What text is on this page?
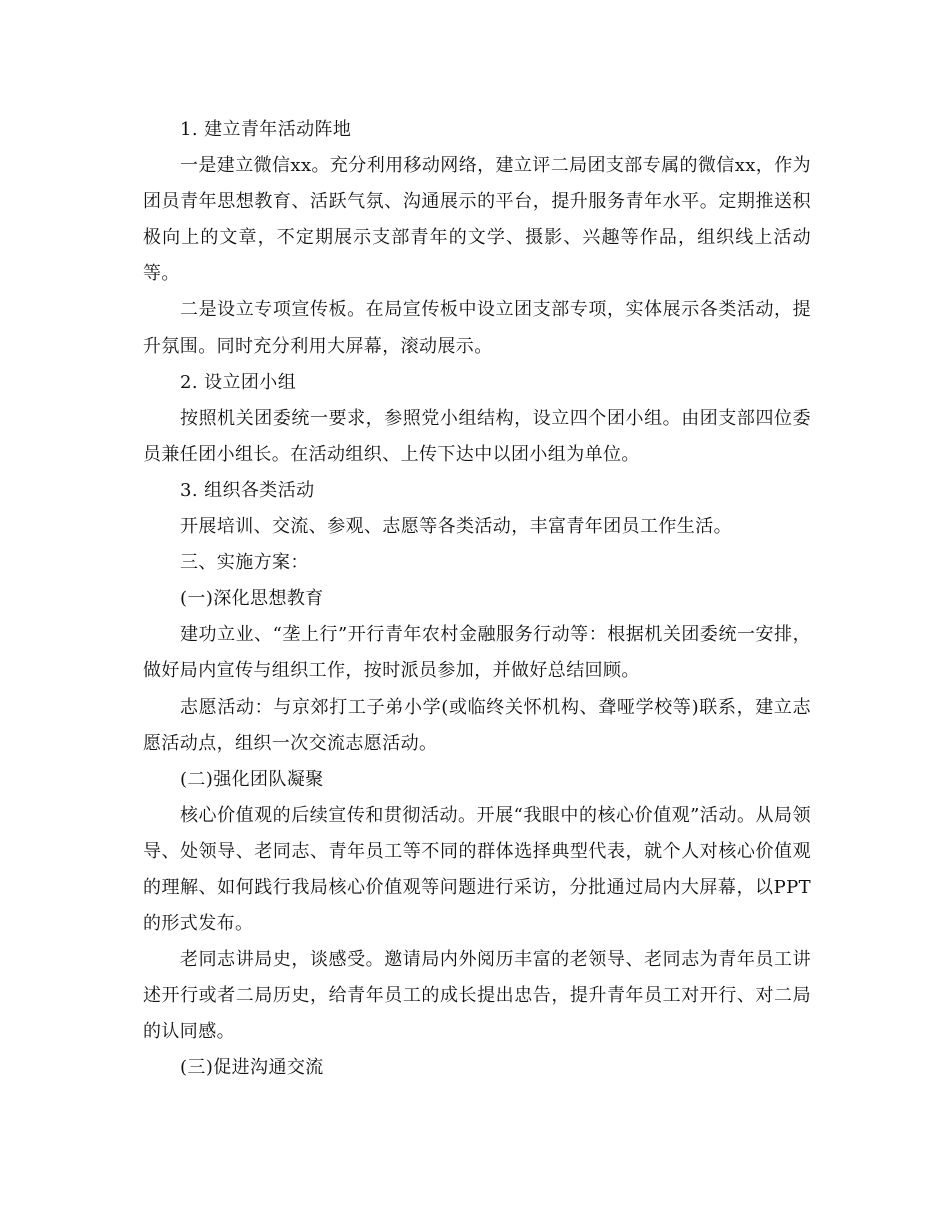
1. 建立青年活动阵地

一是建立微信xx。充分利用移动网络，建立评二局团支部专属的微信xx，作为团员青年思想教育、活跃气氛、沟通展示的平台，提升服务青年水平。定期推送积极向上的文章，不定期展示支部青年的文学、摄影、兴趣等作品，组织线上活动等。

二是设立专项宣传板。在局宣传板中设立团支部专项，实体展示各类活动，提升氛围。同时充分利用大屏幕，滚动展示。

2. 设立团小组

按照机关团委统一要求，参照党小组结构，设立四个团小组。由团支部四位委员兼任团小组长。在活动组织、上传下达中以团小组为单位。

3. 组织各类活动

开展培训、交流、参观、志愿等各类活动，丰富青年团员工作生活。

三、实施方案：

(一)深化思想教育

建功立业、“垄上行”开行青年农村金融服务行动等：根据机关团委统一安排，做好局内宣传与组织工作，按时派员参加，并做好总结回顾。

志愿活动：与京郊打工子弟小学(或临终关怀机构、聋哑学校等)联系，建立志愿活动点，组织一次交流志愿活动。

(二)强化团队凝聚

核心价值观的后续宣传和贯彻活动。开展“我眼中的核心价值观”活动。从局领导、处领导、老同志、青年员工等不同的群体选择典型代表，就个人对核心价值观的理解、如何践行我局核心价值观等问题进行采访，分批通过局内大屏幕，以PPT的形式发布。

老同志讲局史，谈感受。邀请局内外阅历丰富的老领导、老同志为青年员工讲述开行或者二局历史，给青年员工的成长提出忠告，提升青年员工对开行、对二局的认同感。

(三)促进沟通交流
